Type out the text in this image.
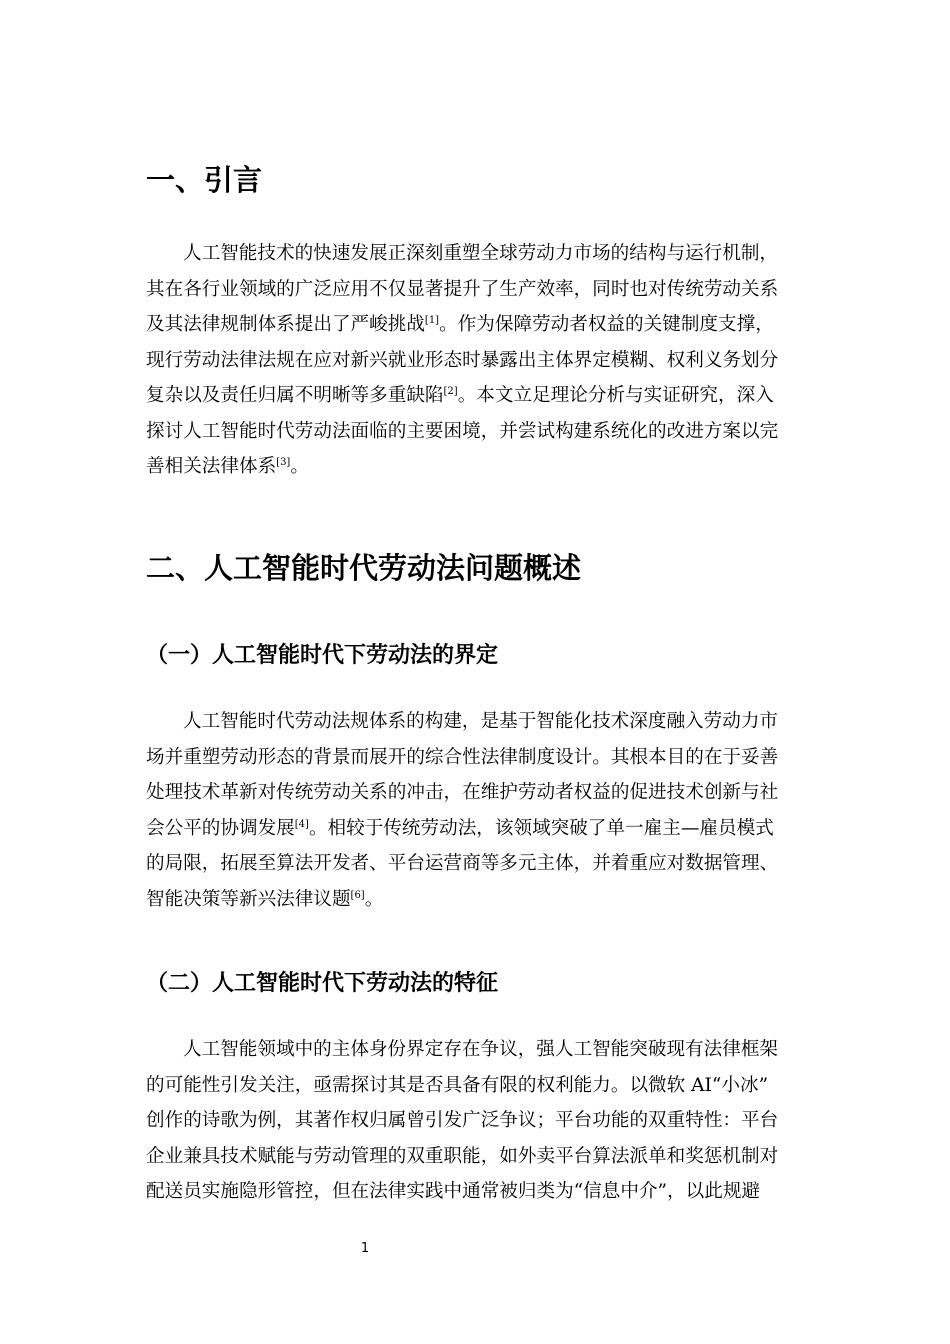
一、引言
人工智能技术的快速发展正深刻重塑全球劳动力市场的结构与运行机制，
其在各行业领域的广泛应用不仅显著提升了生产效率，同时也对传统劳动关系
及其法律规制体系提出了严峻挑战[1]。作为保障劳动者权益的关键制度支撑，
现行劳动法律法规在应对新兴就业形态时暴露出主体界定模糊、权利义务划分
复杂以及责任归属不明晰等多重缺陷[2]。本文立足理论分析与实证研究，深入
探讨人工智能时代劳动法面临的主要困境，并尝试构建系统化的改进方案以完
善相关法律体系[3]。
二、人工智能时代劳动法问题概述
（一）人工智能时代下劳动法的界定
人工智能时代劳动法规体系的构建，是基于智能化技术深度融入劳动力市
场并重塑劳动形态的背景而展开的综合性法律制度设计。其根本目的在于妥善
处理技术革新对传统劳动关系的冲击，在维护劳动者权益的促进技术创新与社
会公平的协调发展[4]。相较于传统劳动法，该领域突破了单一雇主—雇员模式
的局限，拓展至算法开发者、平台运营商等多元主体，并着重应对数据管理、
智能决策等新兴法律议题[6]。
（二）人工智能时代下劳动法的特征
人工智能领域中的主体身份界定存在争议，强人工智能突破现有法律框架
的可能性引发关注，亟需探讨其是否具备有限的权利能力。以微软 AI“小冰”
创作的诗歌为例，其著作权归属曾引发广泛争议；平台功能的双重特性：平台
企业兼具技术赋能与劳动管理的双重职能，如外卖平台算法派单和奖惩机制对
配送员实施隐形管控，但在法律实践中通常被归类为“信息中介”，以此规避
1
